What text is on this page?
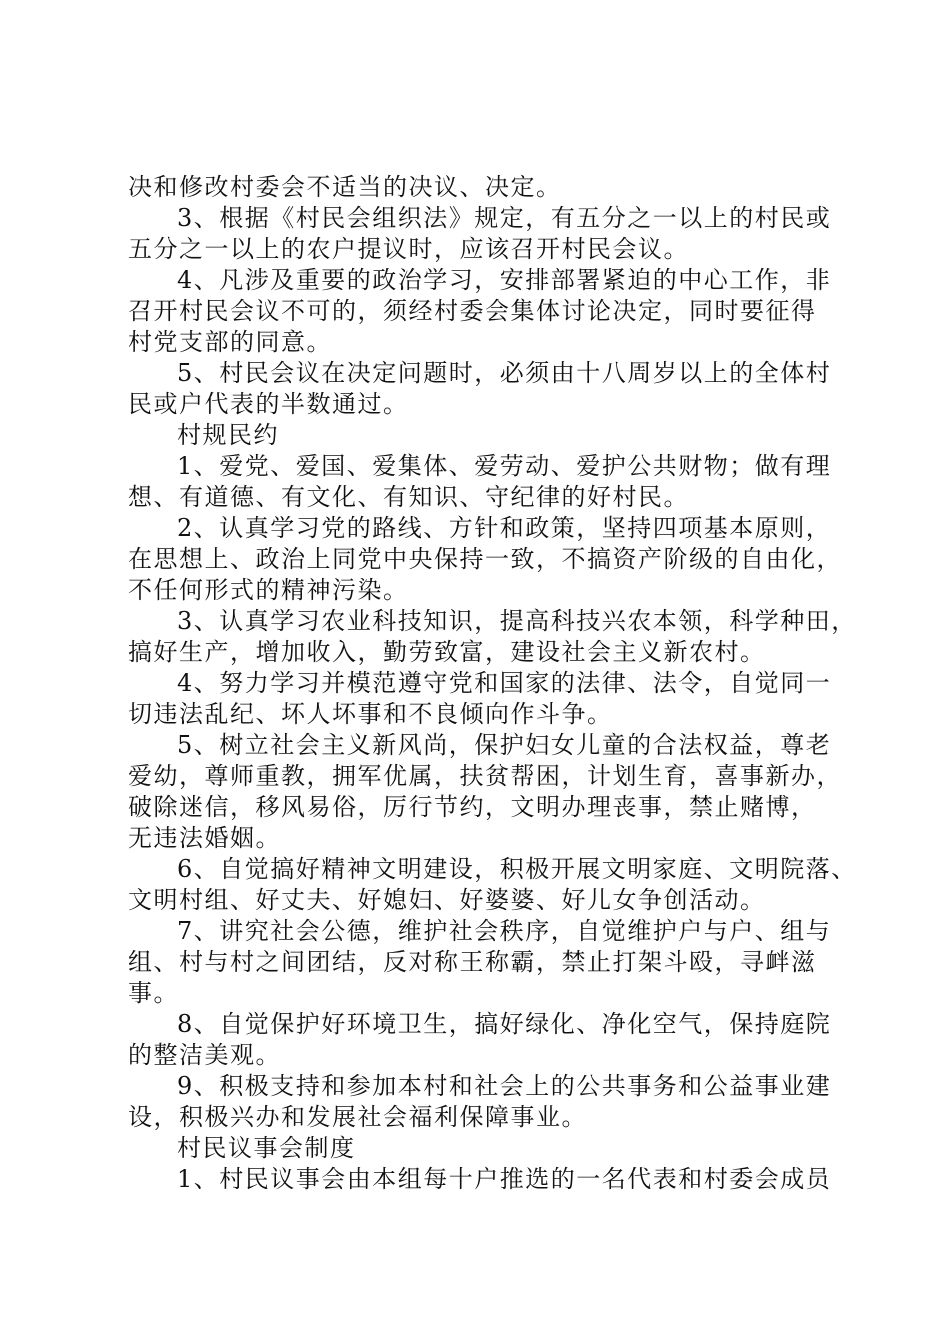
决和修改村委会不适当的决议、决定。
3、根据《村民会组织法》规定，有五分之一以上的村民或
五分之一以上的农户提议时，应该召开村民会议。
4、凡涉及重要的政治学习，安排部署紧迫的中心工作，非
召开村民会议不可的，须经村委会集体讨论决定，同时要征得
村党支部的同意。
5、村民会议在决定问题时，必须由十八周岁以上的全体村
民或户代表的半数通过。
村规民约
1、爱党、爱国、爱集体、爱劳动、爱护公共财物；做有理
想、有道德、有文化、有知识、守纪律的好村民。
2、认真学习党的路线、方针和政策，坚持四项基本原则，
在思想上、政治上同党中央保持一致，不搞资产阶级的自由化，
不任何形式的精神污染。
3、认真学习农业科技知识，提高科技兴农本领，科学种田，
搞好生产，增加收入，勤劳致富，建设社会主义新农村。
4、努力学习并模范遵守党和国家的法律、法令，自觉同一
切违法乱纪、坏人坏事和不良倾向作斗争。
5、树立社会主义新风尚，保护妇女儿童的合法权益，尊老
爱幼，尊师重教，拥军优属，扶贫帮困，计划生育，喜事新办，
破除迷信，移风易俗，厉行节约，文明办理丧事，禁止赌博，
无违法婚姻。
6、自觉搞好精神文明建设，积极开展文明家庭、文明院落、
文明村组、好丈夫、好媳妇、好婆婆、好儿女争创活动。
7、讲究社会公德，维护社会秩序，自觉维护户与户、组与
组、村与村之间团结，反对称王称霸，禁止打架斗殴，寻衅滋
事。
8、自觉保护好环境卫生，搞好绿化、净化空气，保持庭院
的整洁美观。
9、积极支持和参加本村和社会上的公共事务和公益事业建
设，积极兴办和发展社会福利保障事业。
村民议事会制度
1、村民议事会由本组每十户推选的一名代表和村委会成员
